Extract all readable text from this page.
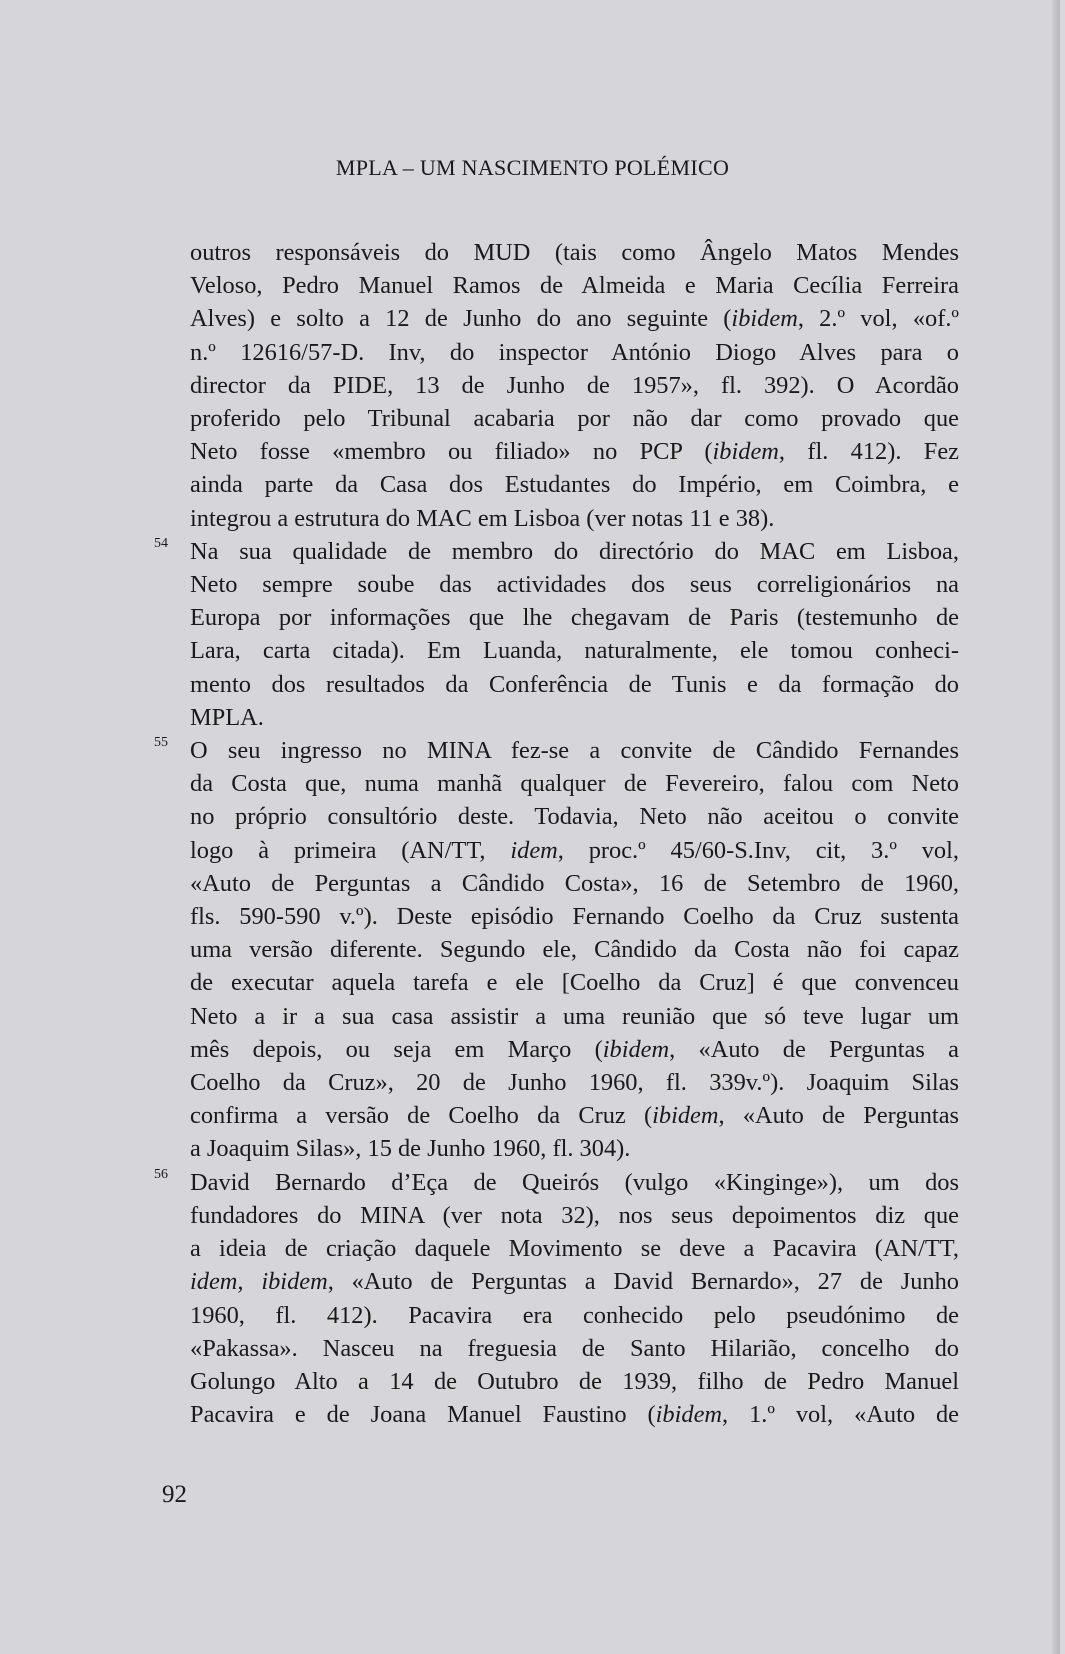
MPLA – UM NASCIMENTO POLÉMICO

outros responsáveis do MUD (tais como Ângelo Matos Mendes

Veloso, Pedro Manuel Ramos de Almeida e Maria Cecília Ferreira

Alves) e solto a 12 de Junho do ano seguinte (ibidem, 2.º vol, «of.º

n.º 12616/57-D. Inv, do inspector António Diogo Alves para o

director da PIDE, 13 de Junho de 1957», fl. 392). O Acordão

proferido pelo Tribunal acabaria por não dar como provado que

Neto fosse «membro ou filiado» no PCP (ibidem, fl. 412). Fez

ainda parte da Casa dos Estudantes do Império, em Coimbra, e

integrou a estrutura do MAC em Lisboa (ver notas 11 e 38).

54 Na sua qualidade de membro do directório do MAC em Lisboa,

Neto sempre soube das actividades dos seus correligionários na

Europa por informações que lhe chegavam de Paris (testemunho de

Lara, carta citada). Em Luanda, naturalmente, ele tomou conheci-

mento dos resultados da Conferência de Tunis e da formação do

MPLA.

55 O seu ingresso no MINA fez-se a convite de Cândido Fernandes

da Costa que, numa manhã qualquer de Fevereiro, falou com Neto

no próprio consultório deste. Todavia, Neto não aceitou o convite

logo à primeira (AN/TT, idem, proc.º 45/60-S.Inv, cit, 3.º vol,

«Auto de Perguntas a Cândido Costa», 16 de Setembro de 1960,

fls. 590-590 v.º). Deste episódio Fernando Coelho da Cruz sustenta

uma versão diferente. Segundo ele, Cândido da Costa não foi capaz

de executar aquela tarefa e ele [Coelho da Cruz] é que convenceu

Neto a ir a sua casa assistir a uma reunião que só teve lugar um

mês depois, ou seja em Março (ibidem, «Auto de Perguntas a

Coelho da Cruz», 20 de Junho 1960, fl. 339v.º). Joaquim Silas

confirma a versão de Coelho da Cruz (ibidem, «Auto de Perguntas

a Joaquim Silas», 15 de Junho 1960, fl. 304).

56 David Bernardo d’Eça de Queirós (vulgo «Kinginge»), um dos

fundadores do MINA (ver nota 32), nos seus depoimentos diz que

a ideia de criação daquele Movimento se deve a Pacavira (AN/TT,

idem, ibidem, «Auto de Perguntas a David Bernardo», 27 de Junho

1960, fl. 412). Pacavira era conhecido pelo pseudónimo de

«Pakassa». Nasceu na freguesia de Santo Hilarião, concelho do

Golungo Alto a 14 de Outubro de 1939, filho de Pedro Manuel

Pacavira e de Joana Manuel Faustino (ibidem, 1.º vol, «Auto de

92
